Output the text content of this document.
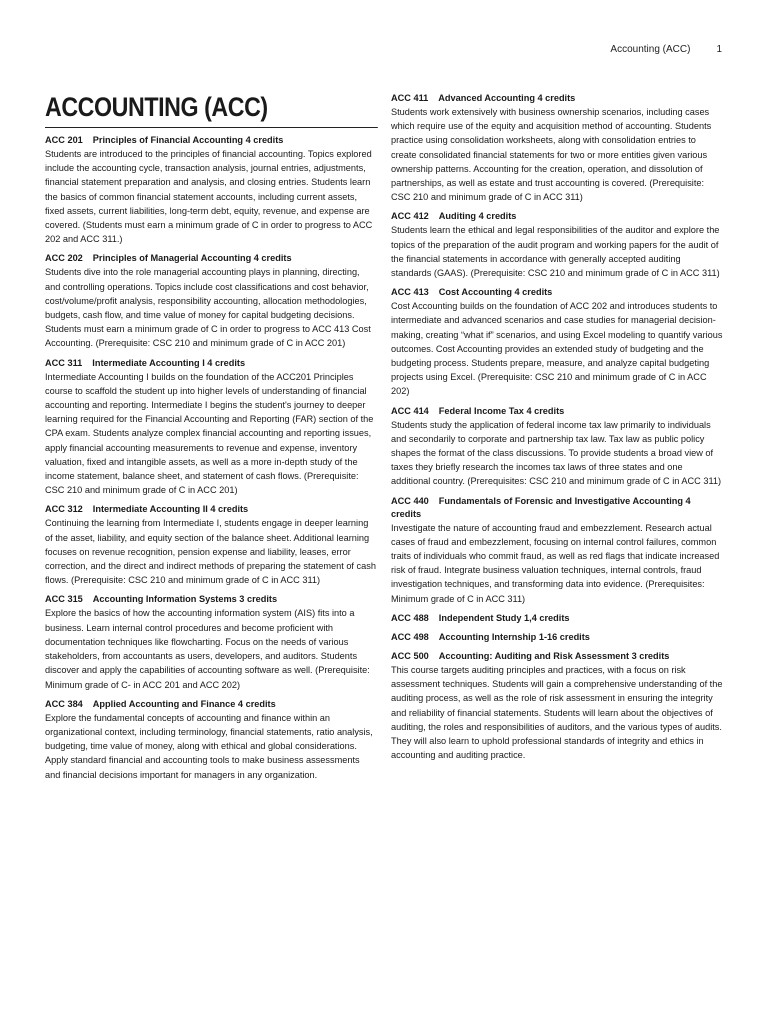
Accounting (ACC)	1
ACCOUNTING (ACC)

ACC 201 Principles of Financial Accounting 4 credits

Students are introduced to the principles of financial accounting. Topics explored include the accounting cycle, transaction analysis, journal entries, adjustments, financial statement preparation and analysis, and closing entries. Students learn the basics of common financial statement accounts, including current assets, fixed assets, current liabilities, long-term debt, equity, revenue, and expense are covered. (Students must earn a minimum grade of C in order to progress to ACC 202 and ACC 311.)

ACC 202 Principles of Managerial Accounting 4 credits

Students dive into the role managerial accounting plays in planning, directing, and controlling operations. Topics include cost classifications and cost behavior, cost/volume/profit analysis, responsibility accounting, allocation methodologies, budgets, cash flow, and time value of money for capital budgeting decisions. Students must earn a minimum grade of C in order to progress to ACC 413 Cost Accounting. (Prerequisite: CSC 210 and minimum grade of C in ACC 201)

ACC 311 Intermediate Accounting I 4 credits

Intermediate Accounting I builds on the foundation of the ACC201 Principles course to scaffold the student up into higher levels of understanding of financial accounting and reporting. Intermediate I begins the student's journey to deeper learning required for the Financial Accounting and Reporting (FAR) section of the CPA exam. Students analyze complex financial accounting and reporting issues, apply financial accounting measurements to revenue and expense, inventory valuation, fixed and intangible assets, as well as a more in-depth study of the income statement, balance sheet, and statement of cash flows. (Prerequisite: CSC 210 and minimum grade of C in ACC 201)

ACC 312 Intermediate Accounting II 4 credits

Continuing the learning from Intermediate I, students engage in deeper learning of the asset, liability, and equity section of the balance sheet. Additional learning focuses on revenue recognition, pension expense and liability, leases, error correction, and the direct and indirect methods of preparing the statement of cash flows. (Prerequisite: CSC 210 and minimum grade of C in ACC 311)

ACC 315 Accounting Information Systems 3 credits

Explore the basics of how the accounting information system (AIS) fits into a business. Learn internal control procedures and become proficient with documentation techniques like flowcharting. Focus on the needs of various stakeholders, from accountants as users, developers, and auditors. Students discover and apply the capabilities of accounting software as well. (Prerequisite: Minimum grade of C- in ACC 201 and ACC 202)

ACC 384 Applied Accounting and Finance 4 credits

Explore the fundamental concepts of accounting and finance within an organizational context, including terminology, financial statements, ratio analysis, budgeting, time value of money, along with ethical and global considerations. Apply standard financial and accounting tools to make business assessments and financial decisions important for managers in any organization.

ACC 411 Advanced Accounting 4 credits

Students work extensively with business ownership scenarios, including cases which require use of the equity and acquisition method of accounting. Students practice using consolidation worksheets, along with consolidation entries to create consolidated financial statements for two or more entities given various ownership patterns. Accounting for the creation, operation, and dissolution of partnerships, as well as estate and trust accounting is covered. (Prerequisite: CSC 210 and minimum grade of C in ACC 311)

ACC 412 Auditing 4 credits

Students learn the ethical and legal responsibilities of the auditor and explore the topics of the preparation of the audit program and working papers for the audit of the financial statements in accordance with generally accepted auditing standards (GAAS). (Prerequisite: CSC 210 and minimum grade of C in ACC 311)

ACC 413 Cost Accounting 4 credits

Cost Accounting builds on the foundation of ACC 202 and introduces students to intermediate and advanced scenarios and case studies for managerial decision-making, creating “what if” scenarios, and using Excel modeling to quantify various outcomes. Cost Accounting provides an extended study of budgeting and the budgeting process. Students prepare, measure, and analyze capital budgeting projects using Excel. (Prerequisite: CSC 210 and minimum grade of C in ACC 202)

ACC 414 Federal Income Tax 4 credits

Students study the application of federal income tax law primarily to individuals and secondarily to corporate and partnership tax law. Tax law as public policy shapes the format of the class discussions. To provide students a broad view of taxes they briefly research the incomes tax laws of three states and one additional country. (Prerequisites: CSC 210 and minimum grade of C in ACC 311)

ACC 440 Fundamentals of Forensic and Investigative Accounting 4 credits

Investigate the nature of accounting fraud and embezzlement. Research actual cases of fraud and embezzlement, focusing on internal control failures, common traits of individuals who commit fraud, as well as red flags that indicate increased risk of fraud. Integrate business valuation techniques, internal controls, fraud investigation techniques, and transforming data into evidence. (Prerequisites: Minimum grade of C in ACC 311)

ACC 488 Independent Study 1,4 credits

ACC 498 Accounting Internship 1-16 credits

ACC 500 Accounting: Auditing and Risk Assessment 3 credits

This course targets auditing principles and practices, with a focus on risk assessment techniques. Students will gain a comprehensive understanding of the auditing process, as well as the role of risk assessment in ensuring the integrity and reliability of financial statements. Students will learn about the objectives of auditing, the roles and responsibilities of auditors, and the various types of audits. They will also learn to uphold professional standards of integrity and ethics in accounting and auditing practice.
